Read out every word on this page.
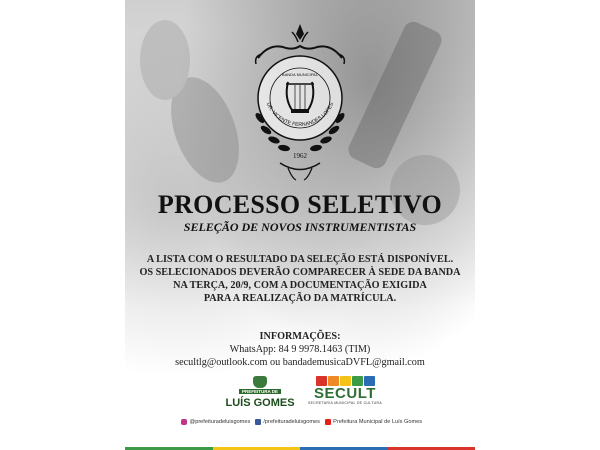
BANDA MUNICIPAL
DR. VICENTE FERNANDES LOPES
1962
PROCESSO SELETIVO
SELEÇÃO DE NOVOS INSTRUMENTISTAS
A LISTA COM O RESULTADO DA SELEÇÃO ESTÁ DISPONÍVEL.
OS SELECIONADOS DEVERÃO COMPARECER À SEDE DA BANDA
NA TERÇA, 20/9, COM A DOCUMENTAÇÃO EXIGIDA
PARA A REALIZAÇÃO DA MATRÍCULA.
INFORMAÇÕES:
WhatsApp: 84 9 9978.1463 (TIM)
secultlg@outlook.com ou bandademusicaDVFL@gmail.com
PREFEITURA DE
LUÍS GOMES
SECULT
SECRETARIA MUNICIPAL DE CULTURA
@prefeituradeluisgomes /prefeituradeluisgomes Prefeitura Municipal de Luís Gomes
